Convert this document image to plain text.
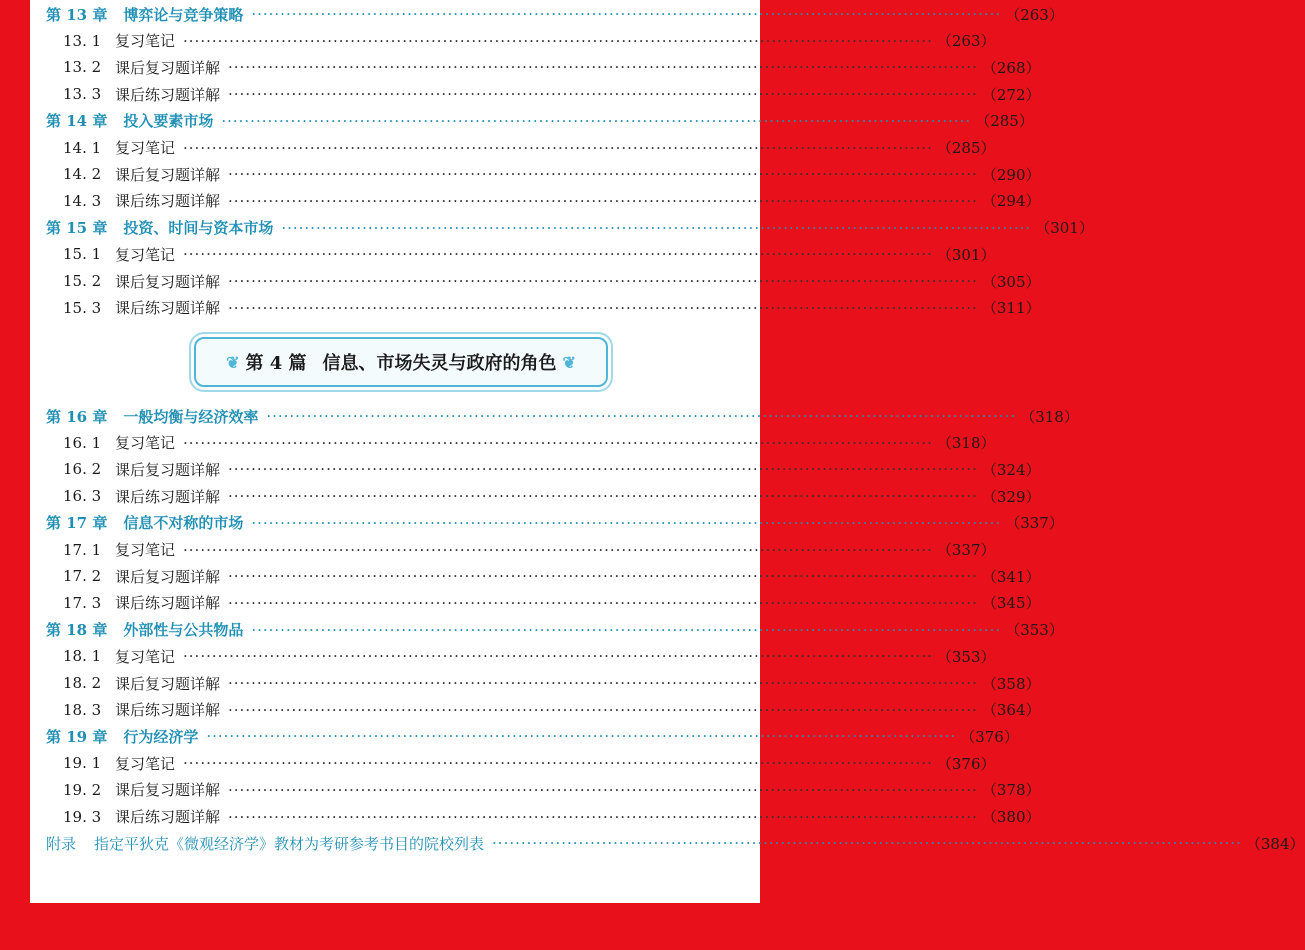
第 13 章 博弈论与竞争策略 ·································································································································· （263）
13. 1 复习笔记 ·································································································································· （263）
13. 2 课后复习题详解 ·································································································································· （268）
13. 3 课后练习题详解 ·································································································································· （272）
第 14 章 投入要素市场 ·································································································································· （285）
14. 1 复习笔记 ·································································································································· （285）
14. 2 课后复习题详解 ·································································································································· （290）
14. 3 课后练习题详解 ·································································································································· （294）
第 15 章 投资、时间与资本市场 ·································································································································· （301）
15. 1 复习笔记 ·································································································································· （301）
15. 2 课后复习题详解 ·································································································································· （305）
15. 3 课后练习题详解 ·································································································································· （311）
第 16 章 一般均衡与经济效率 ·································································································································· （318）
16. 1 复习笔记 ·································································································································· （318）
16. 2 课后复习题详解 ·································································································································· （324）
16. 3 课后练习题详解 ·································································································································· （329）
第 17 章 信息不对称的市场 ·································································································································· （337）
17. 1 复习笔记 ·································································································································· （337）
17. 2 课后复习题详解 ·································································································································· （341）
17. 3 课后练习题详解 ·································································································································· （345）
第 18 章 外部性与公共物品 ·································································································································· （353）
18. 1 复习笔记 ·································································································································· （353）
18. 2 课后复习题详解 ·································································································································· （358）
18. 3 课后练习题详解 ·································································································································· （364）
第 19 章 行为经济学 ·································································································································· （376）
19. 1 复习笔记 ·································································································································· （376）
19. 2 课后复习题详解 ·································································································································· （378）
19. 3 课后练习题详解 ·································································································································· （380）
附录 指定平狄克《微观经济学》教材为考研参考书目的院校列表 ·································································································································· （384）
❦ 第 4 篇 信息、市场失灵与政府的角色 ❦
